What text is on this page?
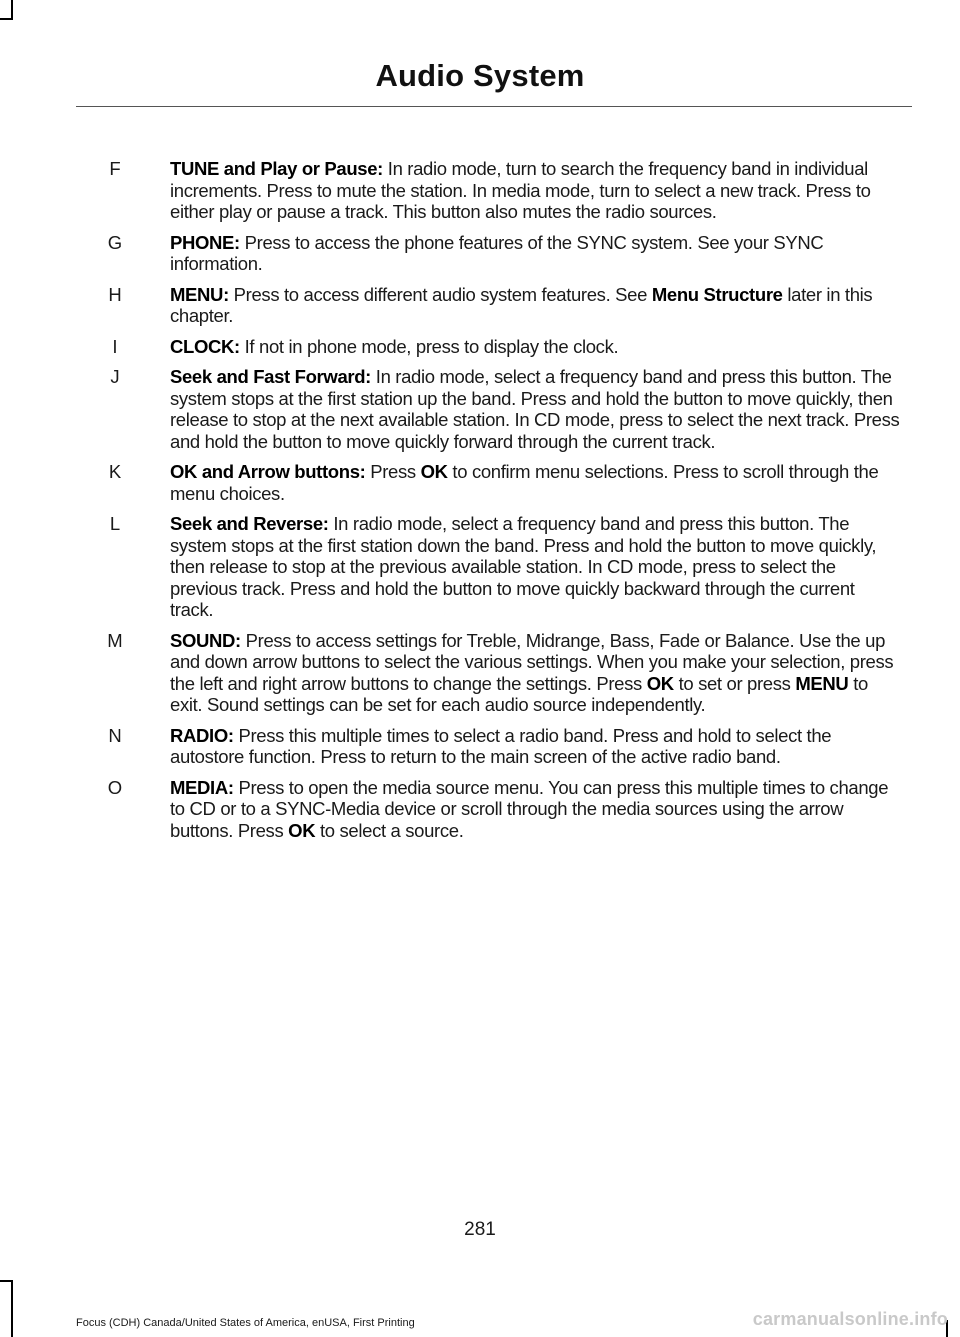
Audio System
F	TUNE and Play or Pause: In radio mode, turn to search the frequency band in individual increments. Press to mute the station. In media mode, turn to select a new track. Press to either play or pause a track. This button also mutes the radio sources.
G	PHONE: Press to access the phone features of the SYNC system. See your SYNC information.
H	MENU: Press to access different audio system features. See Menu Structure later in this chapter.
I	CLOCK: If not in phone mode, press to display the clock.
J	Seek and Fast Forward: In radio mode, select a frequency band and press this button. The system stops at the first station up the band. Press and hold the button to move quickly, then release to stop at the next available station. In CD mode, press to select the next track. Press and hold the button to move quickly forward through the current track.
K	OK and Arrow buttons: Press OK to confirm menu selections. Press to scroll through the menu choices.
L	Seek and Reverse: In radio mode, select a frequency band and press this button. The system stops at the first station down the band. Press and hold the button to move quickly, then release to stop at the previous available station. In CD mode, press to select the previous track. Press and hold the button to move quickly backward through the current track.
M	SOUND: Press to access settings for Treble, Midrange, Bass, Fade or Balance. Use the up and down arrow buttons to select the various settings. When you make your selection, press the left and right arrow buttons to change the settings. Press OK to set or press MENU to exit. Sound settings can be set for each audio source independently.
N	RADIO: Press this multiple times to select a radio band. Press and hold to select the autostore function. Press to return to the main screen of the active radio band.
O	MEDIA: Press to open the media source menu. You can press this multiple times to change to CD or to a SYNC-Media device or scroll through the media sources using the arrow buttons. Press OK to select a source.
281
Focus (CDH) Canada/United States of America, enUSA, First Printing	carmanualsonline.info
